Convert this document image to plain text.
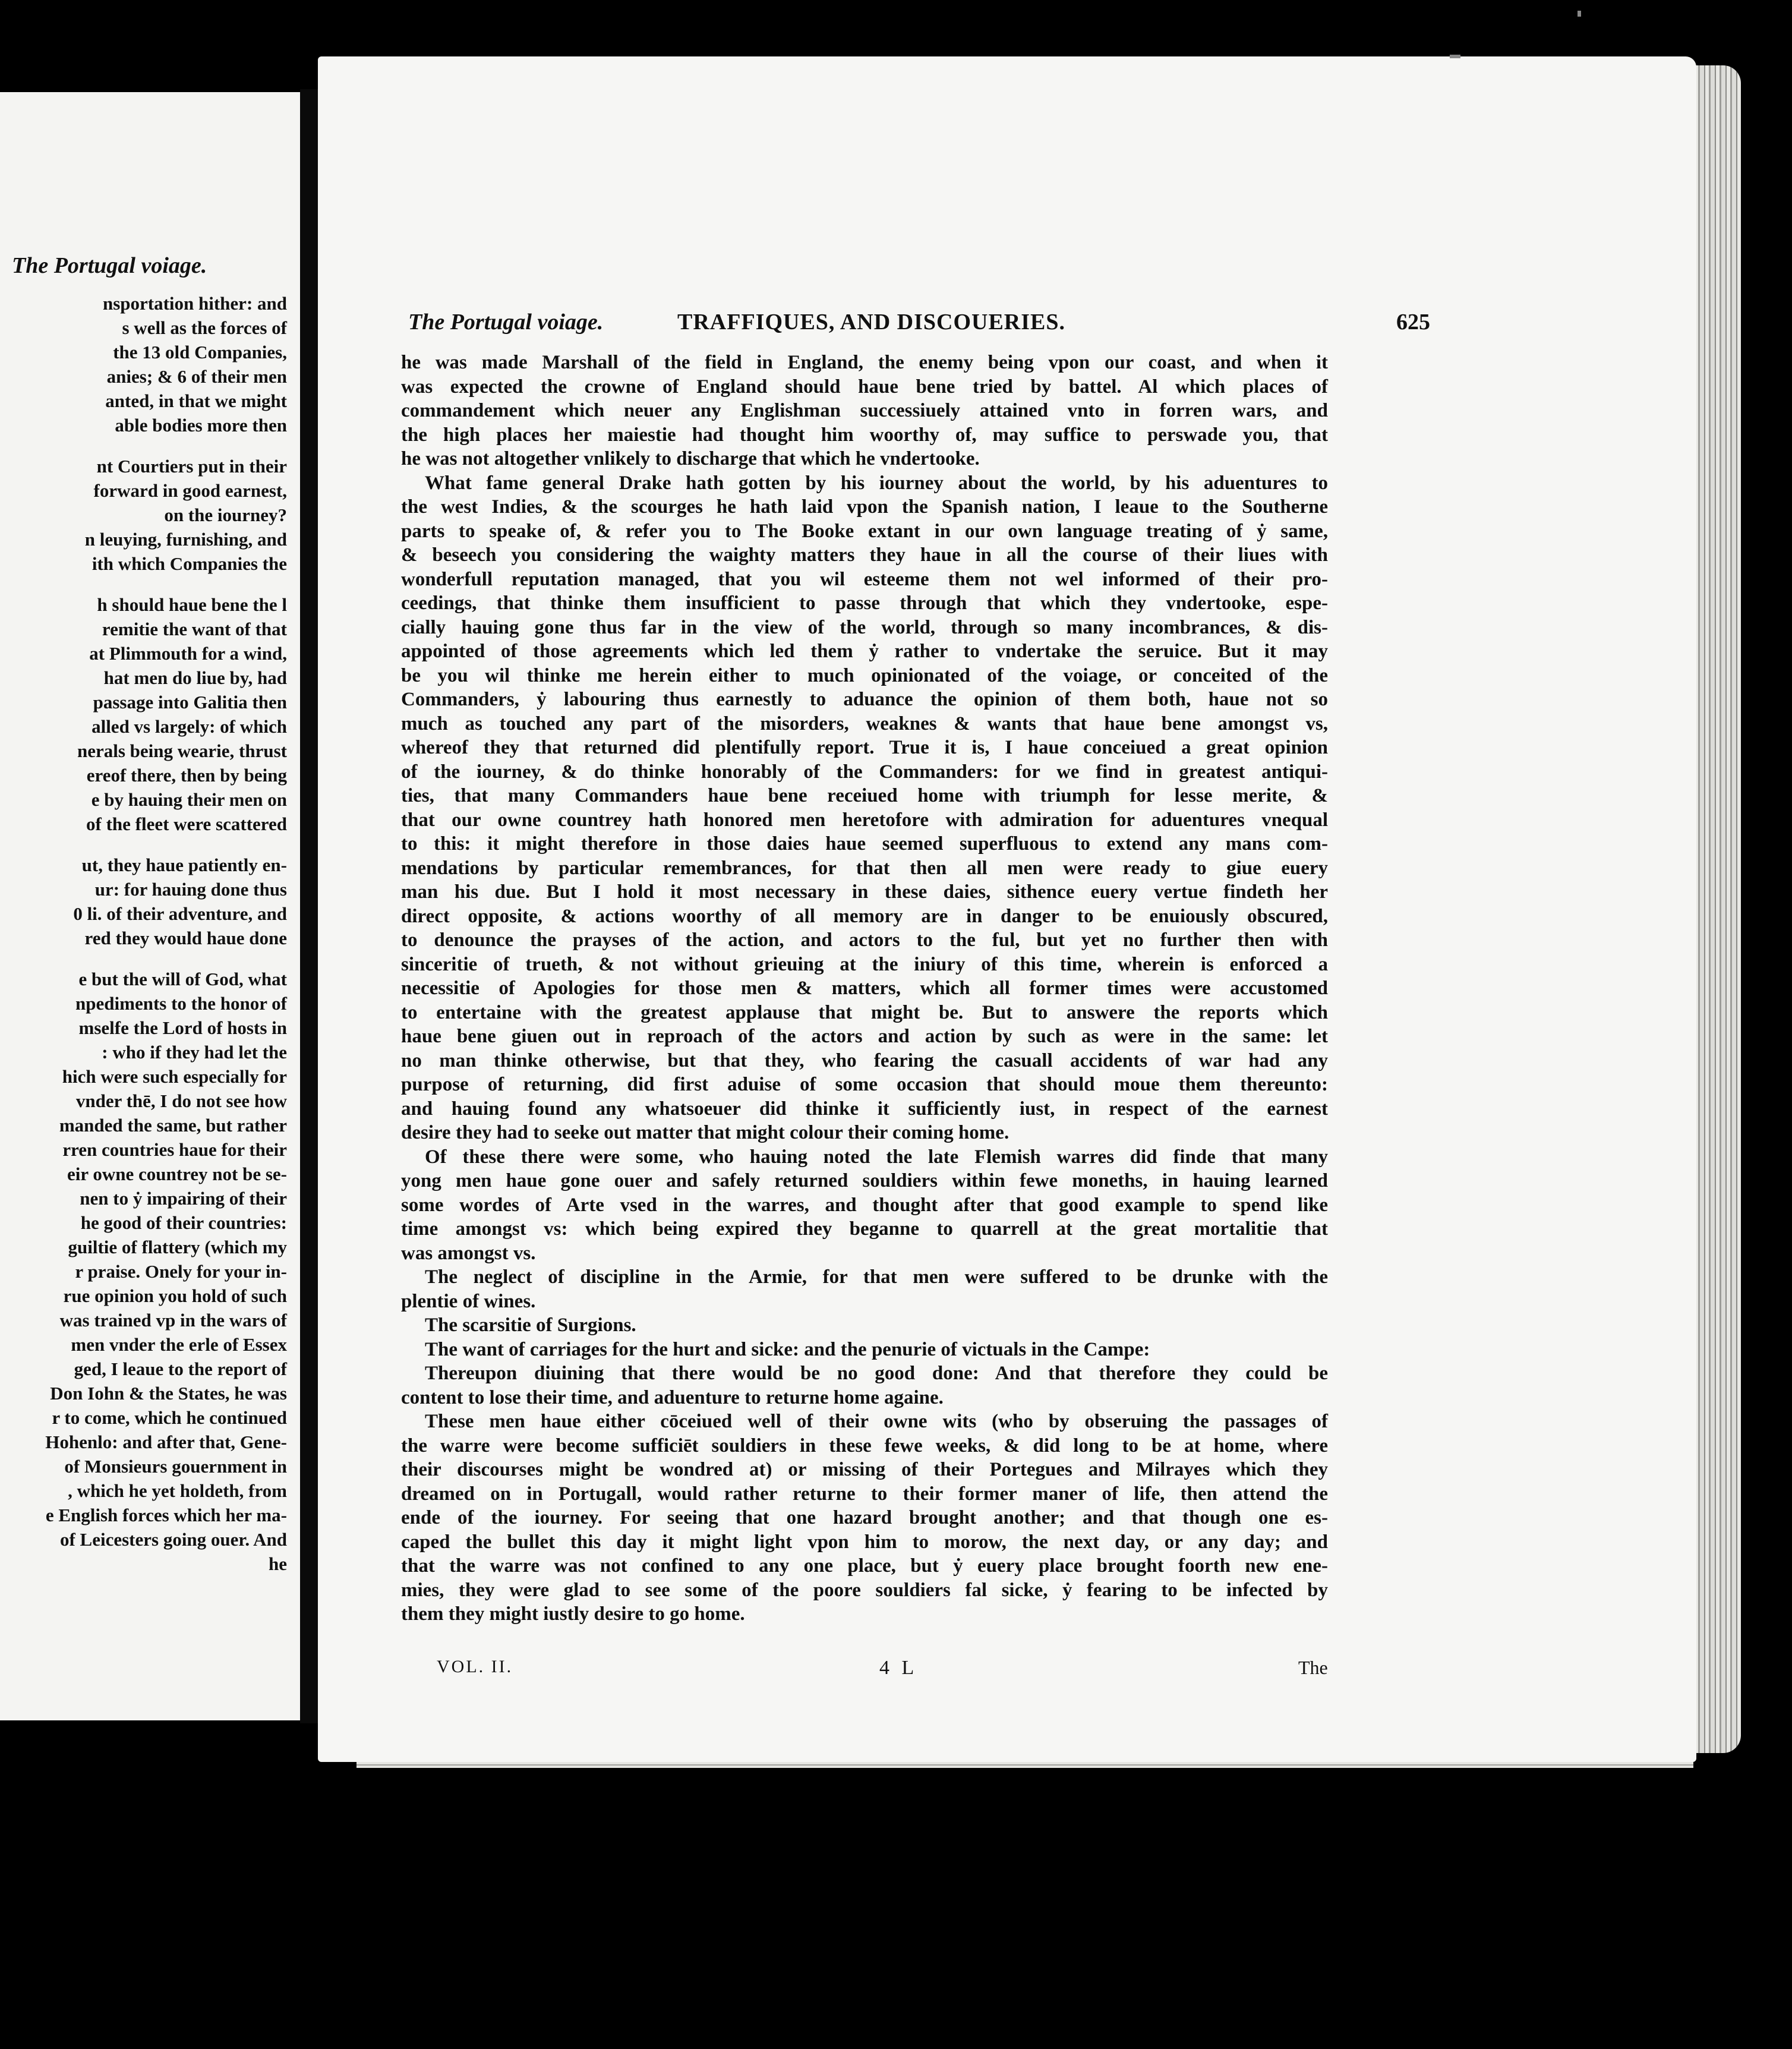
The Portugal voiage.
nsportation hither: and
s well as the forces of
the 13 old Companies,
anies; & 6 of their men
anted, in that we might
able bodies more then
nt Courtiers put in their
forward in good earnest,
on the iourney?
n leuying, furnishing, and
ith which Companies the
h should haue bene the l
remitie the want of that
at Plimmouth for a wind,
hat men do liue by, had
passage into Galitia then
alled vs largely: of which
nerals being wearie, thrust
ereof there, then by being
e by hauing their men on
of the fleet were scattered
ut, they haue patiently en-
ur: for hauing done thus
0 li. of their adventure, and
red they would haue done
e but the will of God, what
npediments to the honor of
mselfe the Lord of hosts in
: who if they had let the
hich were such especially for
vnder thē, I do not see how
manded the same, but rather
rren countries haue for their
eir owne countrey not be se-
nen to ẏ impairing of their
he good of their countries:
guiltie of flattery (which my
r praise. Onely for your in-
rue opinion you hold of such
was trained vp in the wars of
men vnder the erle of Essex
ged, I leaue to the report of
Don Iohn & the States, he was
r to come, which he continued
Hohenlo: and after that, Gene-
of Monsieurs gouernment in
, which he yet holdeth, from
e English forces which her ma-
of Leicesters going ouer. And
he
The Portugal voiage.	TRAFFIQUES, AND DISCOUERIES.	625
he was made Marshall of the field in England, the enemy being vpon our coast, and when it
was expected the crowne of England should haue bene tried by battel. Al which places of
commandement which neuer any Englishman successiuely attained vnto in forren wars, and
the high places her maiestie had thought him woorthy of, may suffice to perswade you, that
he was not altogether vnlikely to discharge that which he vndertooke.
What fame general Drake hath gotten by his iourney about the world, by his aduentures to
the west Indies, & the scourges he hath laid vpon the Spanish nation, I leaue to the Southerne
parts to speake of, & refer you to The Booke extant in our own language treating of ẏ same,
& beseech you considering the waighty matters they haue in all the course of their liues with
wonderfull reputation managed, that you wil esteeme them not wel informed of their pro-
ceedings, that thinke them insufficient to passe through that which they vndertooke, espe-
cially hauing gone thus far in the view of the world, through so many incombrances, & dis-
appointed of those agreements which led them ẏ rather to vndertake the seruice. But it may
be you wil thinke me herein either to much opinionated of the voiage, or conceited of the
Commanders, ẏ labouring thus earnestly to aduance the opinion of them both, haue not so
much as touched any part of the misorders, weaknes & wants that haue bene amongst vs,
whereof they that returned did plentifully report. True it is, I haue conceiued a great opinion
of the iourney, & do thinke honorably of the Commanders: for we find in greatest antiqui-
ties, that many Commanders haue bene receiued home with triumph for lesse merite, &
that our owne countrey hath honored men heretofore with admiration for aduentures vnequal
to this: it might therefore in those daies haue seemed superfluous to extend any mans com-
mendations by particular remembrances, for that then all men were ready to giue euery
man his due. But I hold it most necessary in these daies, sithence euery vertue findeth her
direct opposite, & actions woorthy of all memory are in danger to be enuiously obscured,
to denounce the prayses of the action, and actors to the ful, but yet no further then with
sinceritie of trueth, & not without grieuing at the iniury of this time, wherein is enforced a
necessitie of Apologies for those men & matters, which all former times were accustomed
to entertaine with the greatest applause that might be. But to answere the reports which
haue bene giuen out in reproach of the actors and action by such as were in the same: let
no man thinke otherwise, but that they, who fearing the casuall accidents of war had any
purpose of returning, did first aduise of some occasion that should moue them thereunto:
and hauing found any whatsoeuer did thinke it sufficiently iust, in respect of the earnest
desire they had to seeke out matter that might colour their coming home.
Of these there were some, who hauing noted the late Flemish warres did finde that many
yong men haue gone ouer and safely returned souldiers within fewe moneths, in hauing learned
some wordes of Arte vsed in the warres, and thought after that good example to spend like
time amongst vs: which being expired they beganne to quarrell at the great mortalitie that
was amongst vs.
The neglect of discipline in the Armie, for that men were suffered to be drunke with the
plentie of wines.
The scarsitie of Surgions.
The want of carriages for the hurt and sicke: and the penurie of victuals in the Campe:
Thereupon diuining that there would be no good done: And that therefore they could be
content to lose their time, and aduenture to returne home againe.
These men haue either cōceiued well of their owne wits (who by obseruing the passages of
the warre were become sufficiēt souldiers in these fewe weeks, & did long to be at home, where
their discourses might be wondred at) or missing of their Portegues and Milrayes which they
dreamed on in Portugall, would rather returne to their former maner of life, then attend the
ende of the iourney. For seeing that one hazard brought another; and that though one es-
caped the bullet this day it might light vpon him to morow, the next day, or any day; and
that the warre was not confined to any one place, but ẏ euery place brought foorth new ene-
mies, they were glad to see some of the poore souldiers fal sicke, ẏ fearing to be infected by
them they might iustly desire to go home.
VOL. II.	4 L	The
